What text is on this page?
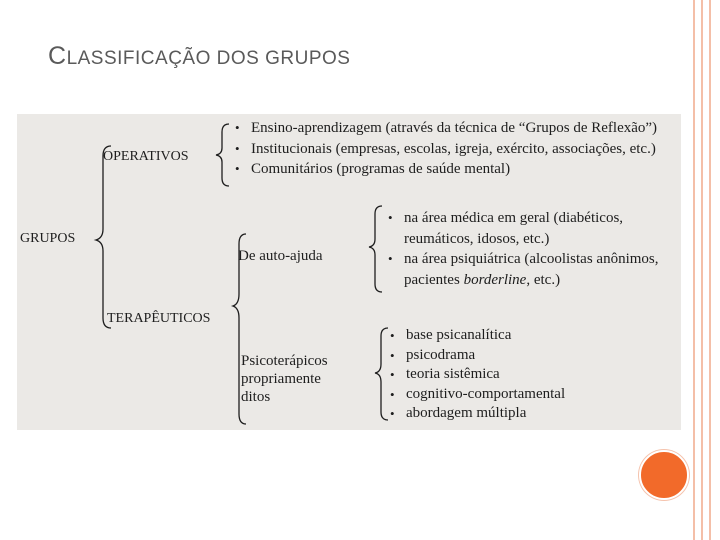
CLASSIFICAÇÃO DOS GRUPOS
GRUPOS
OPERATIVOS
• Ensino-aprendizagem (através da técnica de “Grupos de Reflexão”)
• Institucionais (empresas, escolas, igreja, exército, associações, etc.)
• Comunitários (programas de saúde mental)
TERAPÊUTICOS
De auto-ajuda
• na área médica em geral (diabéticos,
reumáticos, idosos, etc.)
• na área psiquiátrica (alcoolistas anônimos,
pacientes borderline, etc.)
Psicoterápicos
propriamente
ditos
• base psicanalítica
• psicodrama
• teoria sistêmica
• cognitivo-comportamental
• abordagem múltipla
